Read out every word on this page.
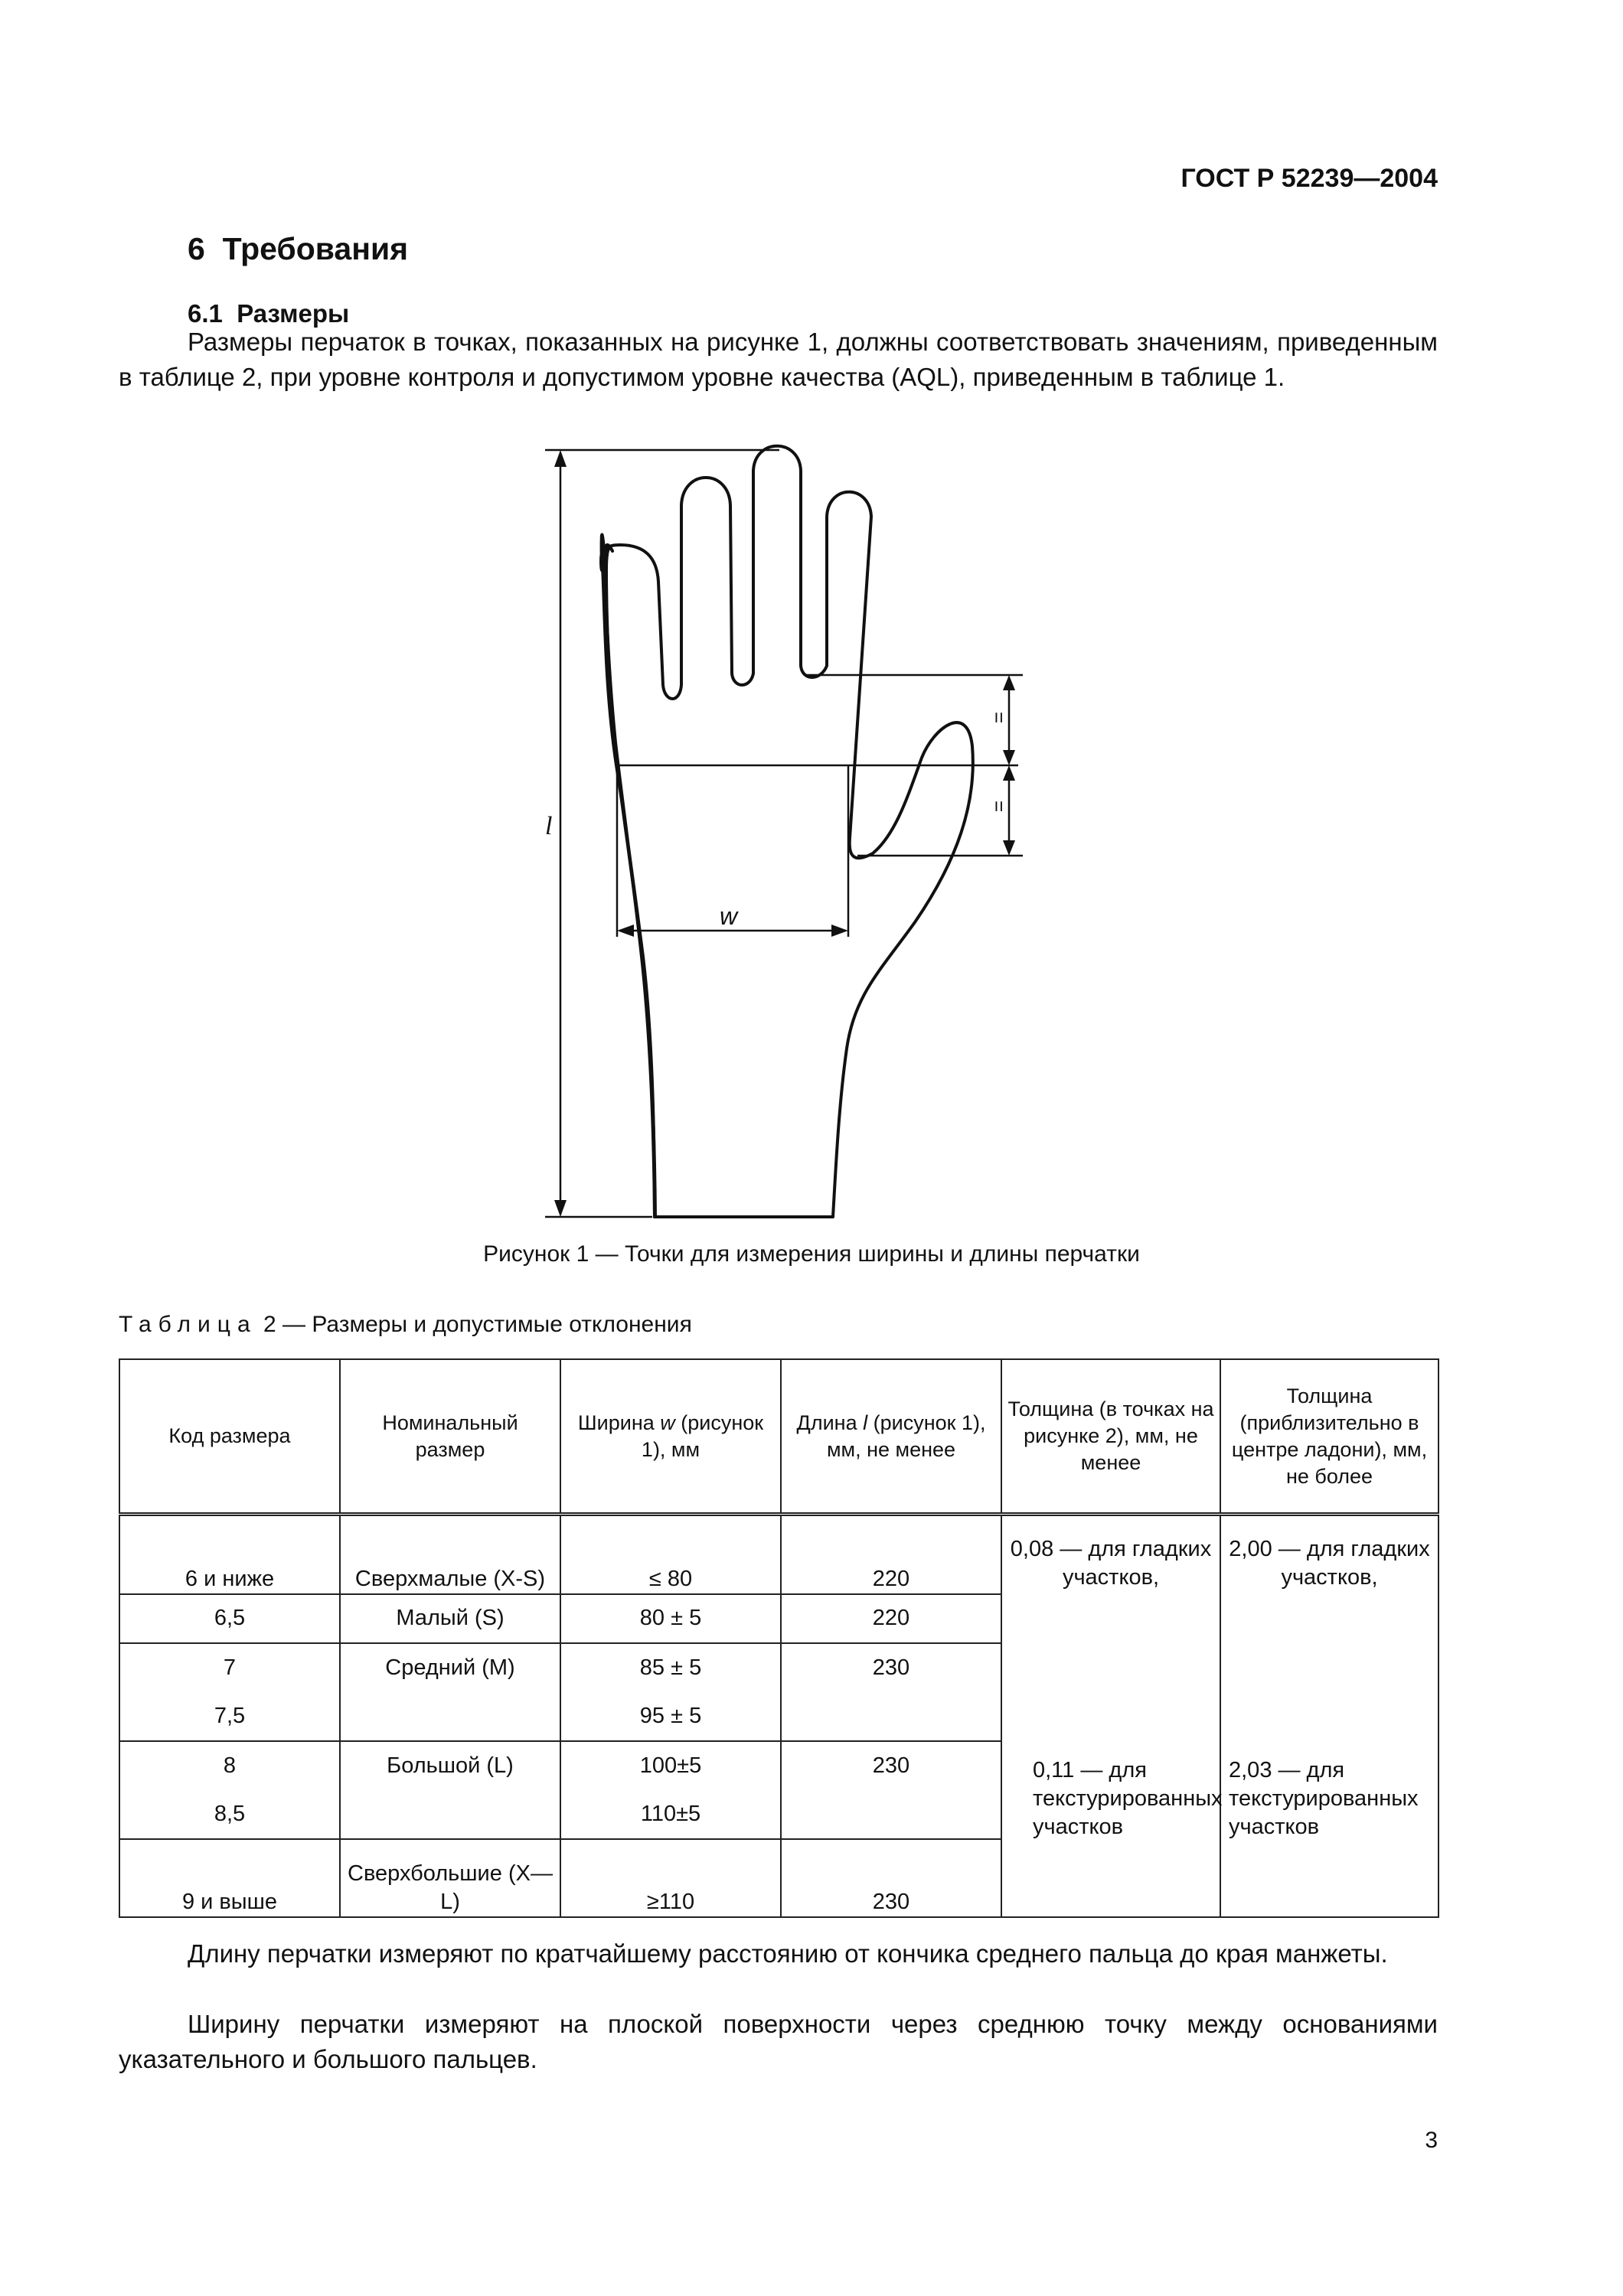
ГОСТ Р 52239—2004
6  Требования
6.1  Размеры
Размеры перчаток в точках, показанных на рисунке 1, должны соответствовать значениям, приведенным в таблице 2, при уровне контроля и допустимом уровне качества (AQL), приведенным в таблице 1.
l
w
=
=
Рисунок 1 — Точки для измерения ширины и длины перчатки
Таблица 2 — Размеры и допустимые отклонения
Код размера	Номинальный размер	Ширина w (рисунок 1), мм	Длина l (рисунок 1), мм, не менее	Толщина (в точках на рисунке 2), мм, не менее	Толщина (приблизительно в центре ладони), мм, не более
6 и ниже	Сверхмалые (X-S)	≤ 80	220	0,08 — для гладких участков,	2,00 — для гладких участков,
6,5	Малый (S)	80 ± 5	220		
7	Средний (M)	85 ± 5	230		
7,5		95 ± 5			
8	Большой (L)	100±5	230	0,11 — для текстурированных участков	2,03 — для текстурированных участков
8,5		110±5			
9 и выше	Сверхбольшие (X—L)	≥110	230		
Длину перчатки измеряют по кратчайшему расстоянию от кончика среднего пальца до края манжеты.
Ширину перчатки измеряют на плоской поверхности через среднюю точку между основаниями указательного и большого пальцев.
3
